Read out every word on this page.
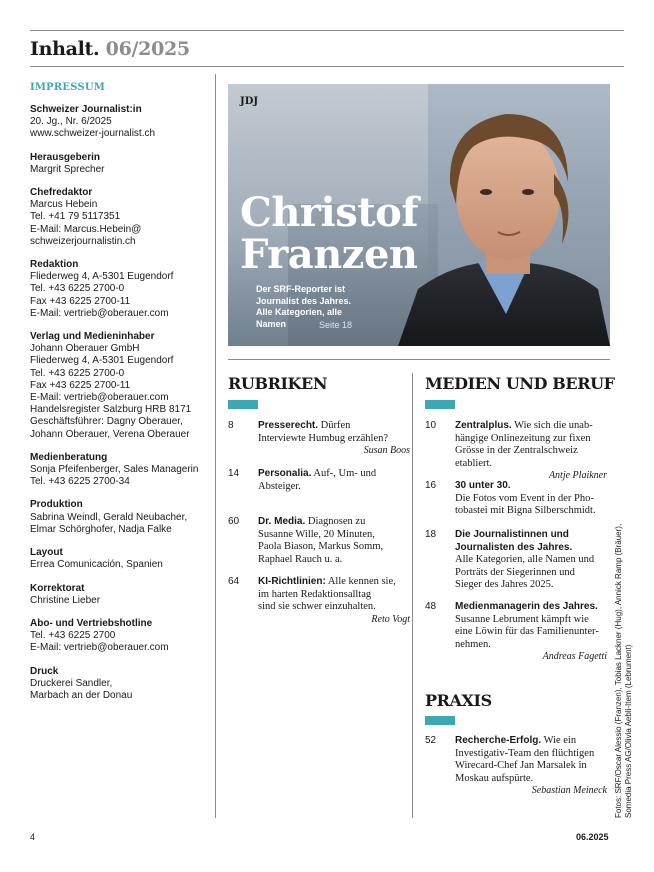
Inhalt. 06/2025
IMPRESSUM
Schweizer Journalist:in
20. Jg., Nr. 6/2025
www.schweizer-journalist.ch
Herausgeberin
Margrit Sprecher
Chefredaktor
Marcus Hebein
Tel. +41 79 5117351
E-Mail: Marcus.Hebein@
schweizerjournalistin.ch
Redaktion
Fliederweg 4, A-5301 Eugendorf
Tel. +43 6225 2700-0
Fax +43 6225 2700-11
E-Mail: vertrieb@oberauer.com
Verlag und Medieninhaber
Johann Oberauer GmbH
Fliederweg 4, A-5301 Eugendorf
Tel. +43 6225 2700-0
Fax +43 6225 2700-11
E-Mail: vertrieb@oberauer.com
Handelsregister Salzburg HRB 8171
Geschäftsführer: Dagny Oberauer,
Johann Oberauer, Verena Oberauer
Medienberatung
Sonja Pfeifenberger, Sales Managerin
Tel. +43 6225 2700-34
Produktion
Sabrina Weindl, Gerald Neubacher,
Elmar Schörghofer, Nadja Falke
Layout
Errea Comunicación, Spanien
Korrektorat
Christine Lieber
Abo- und Vertriebshotline
Tel. +43 6225 2700
E-Mail: vertrieb@oberauer.com
Druck
Druckerei Sandler,
Marbach an der Donau
JDJ
Christof
Franzen
Der SRF-Reporter ist
Journalist des Jahres.
Alle Kategorien, alle
Namen	Seite 18
RUBRIKEN
8	Presserecht. Dürfen
Interviewte Humbug erzählen?
Susan Boos
14	Personalia. Auf-, Um- und
Absteiger.
60	Dr. Media. Diagnosen zu
Susanne Wille, 20 Minuten,
Paola Biason, Markus Somm,
Raphael Rauch u. a.
64	KI-Richtlinien: Alle kennen sie,
im harten Redaktionsalltag
sind sie schwer einzuhalten.
Reto Vogt
MEDIEN UND BERUF
10	Zentralplus. Wie sich die unab-
hängige Onlinezeitung zur fixen
Grösse in der Zentralschweiz
etabliert.
Antje Plaikner
16	30 unter 30.
Die Fotos vom Event in der Pho-
tobastei mit Bigna Silberschmidt.
18	Die Journalistinnen und
Journalisten des Jahres.
Alle Kategorien, alle Namen und
Porträts der Siegerinnen und
Sieger des Jahres 2025.
48	Medienmanagerin des Jahres.
Susanne Lebrument kämpft wie
eine Löwin für das Familienunter-
nehmen.
Andreas Fagetti
PRAXIS
52	Recherche-Erfolg. Wie ein
Investigativ-Team den flüchtigen
Wirecard-Chef Jan Marsalek in
Moskau aufspürte.
Sebastian Meineck Fotos: SRF/Oscar Alessio (Franzen), Tobias Lackner (Hug), Annick Ramp (Bräuer), Somedia Press AG/Olivia Aebli-Item (Lebrument)
4	06.2025
